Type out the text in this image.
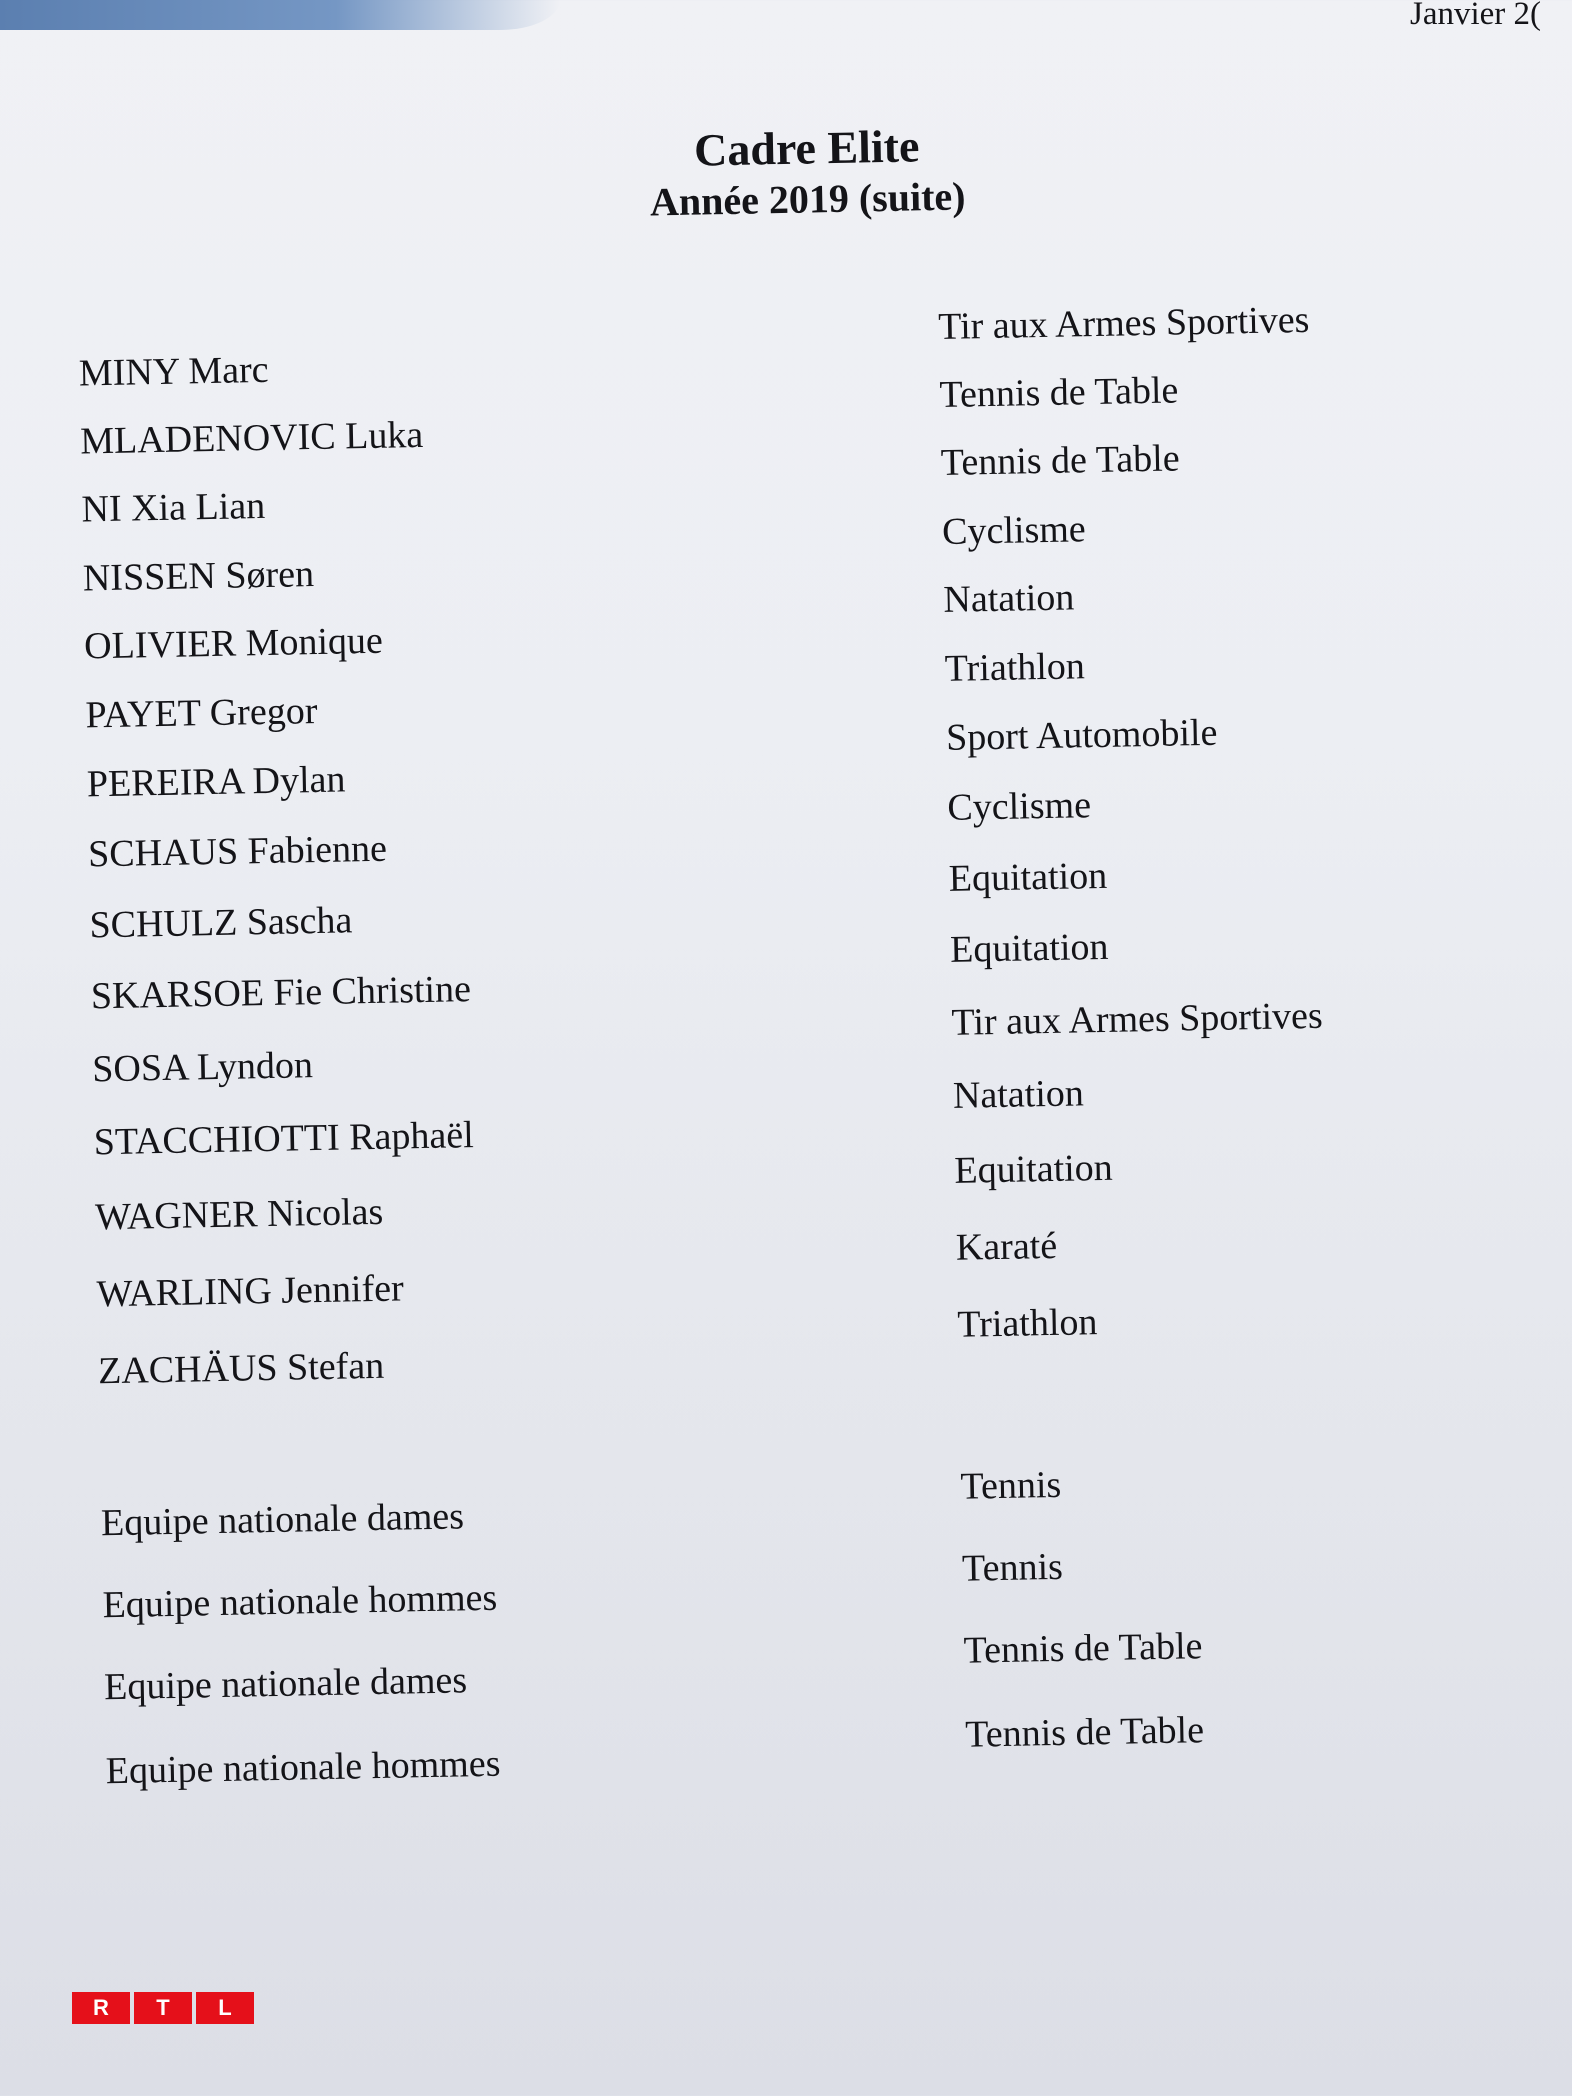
Janvier 2(
Cadre Elite
Année 2019 (suite)
MINY Marc
Tir aux Armes Sportives
MLADENOVIC Luka
Tennis de Table
NI Xia Lian
Tennis de Table
NISSEN Søren
Cyclisme
OLIVIER Monique
Natation
PAYET Gregor
Triathlon
PEREIRA Dylan
Sport Automobile
SCHAUS Fabienne
Cyclisme
SCHULZ Sascha
Equitation
SKARSOE Fie Christine
Equitation
SOSA Lyndon
Tir aux Armes Sportives
STACCHIOTTI Raphaël
Natation
WAGNER Nicolas
Equitation
WARLING Jennifer
Karaté
ZACHÄUS Stefan
Triathlon
Equipe nationale dames
Tennis
Equipe nationale hommes
Tennis
Equipe nationale dames
Tennis de Table
Equipe nationale hommes
Tennis de Table
R	T	L
